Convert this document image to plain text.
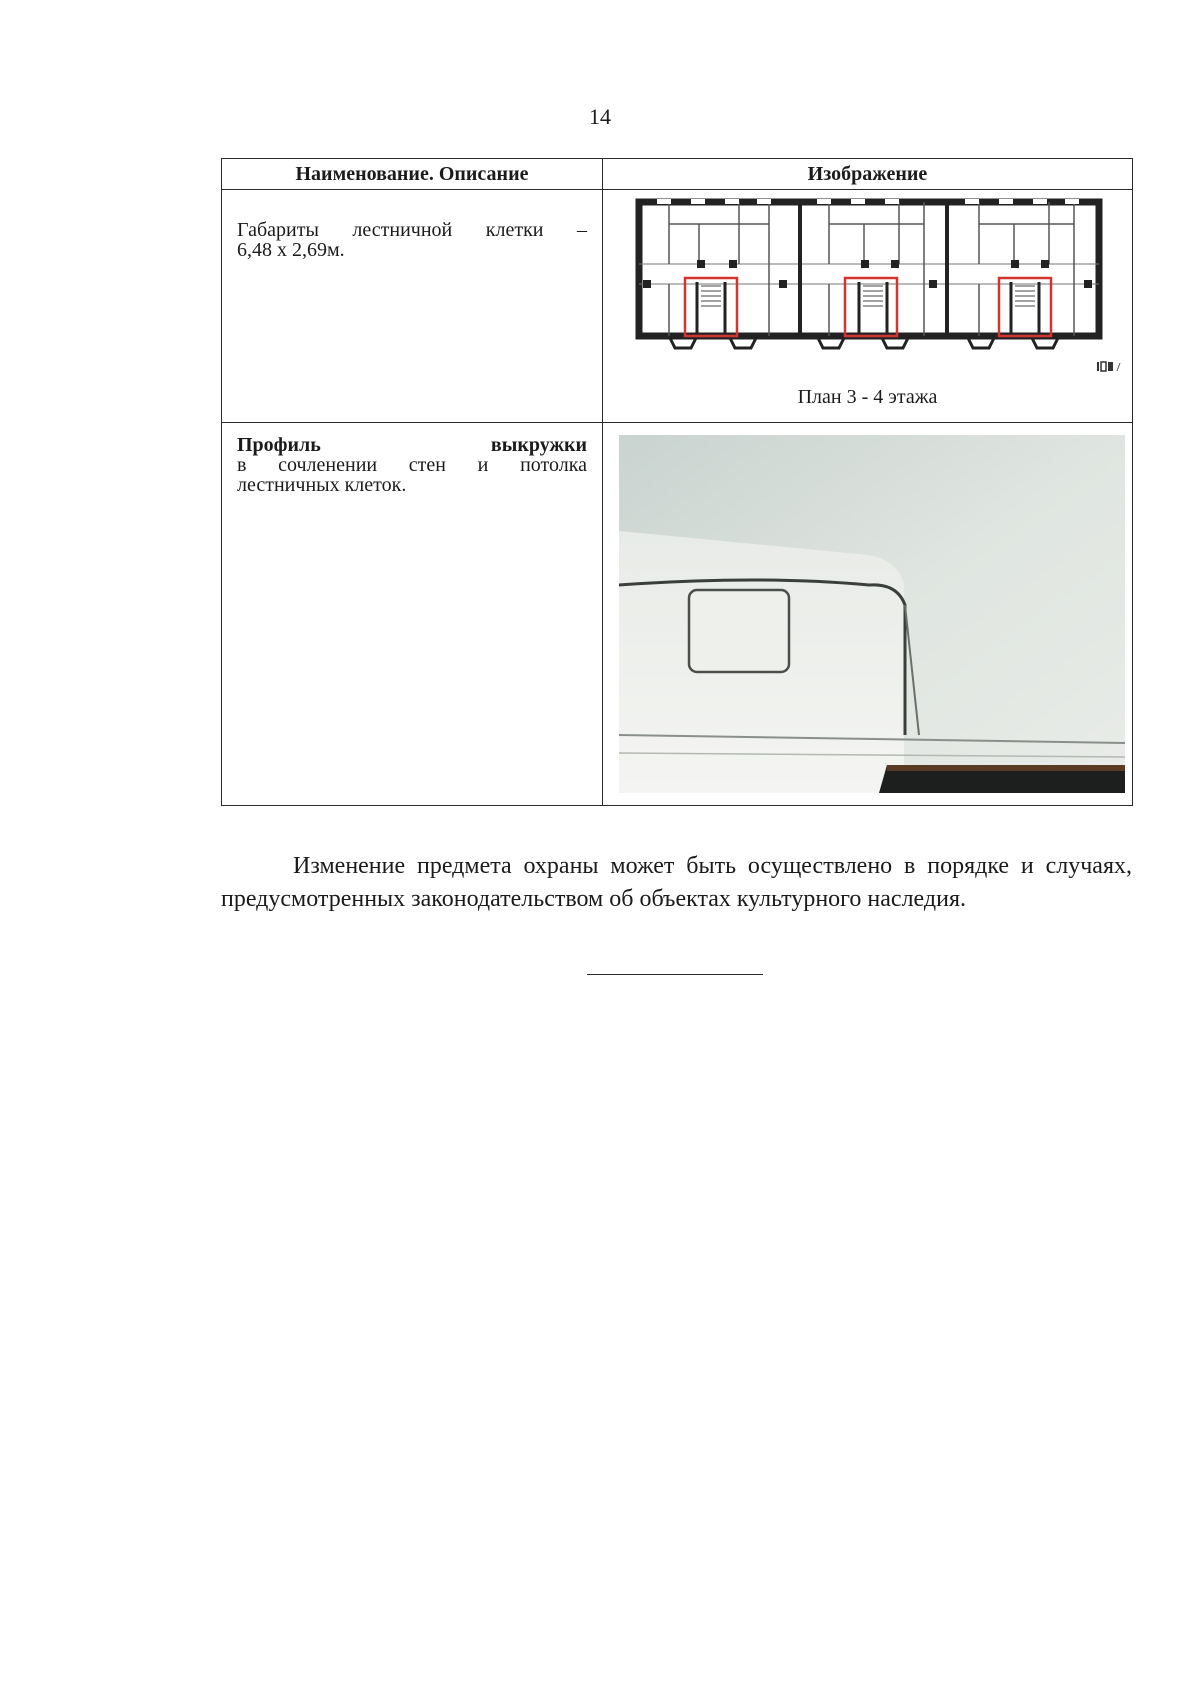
14
Наименование. Описание	Изображение

Габариты лестничной клетки –
6,48 х 2,69м.	План 3 - 4 этажа

Профиль выкружки
в сочленении стен и потолка
лестничных клеток.

Изменение предмета охраны может быть осуществлено в порядке и случаях, предусмотренных законодательством об объектах культурного наследия.
